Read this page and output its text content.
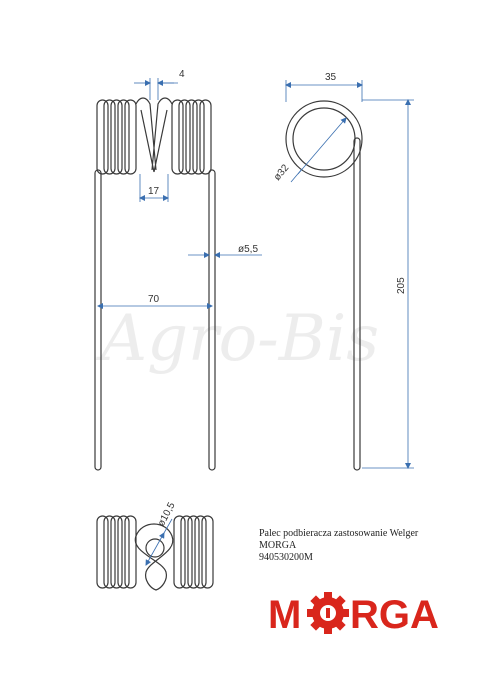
Agro-Bis
4
17
ø5,5
70
35
ø32
205
ø10,5
Palec podbieracza zastosowanie Welger
MORGA
940530200M
M RGA
